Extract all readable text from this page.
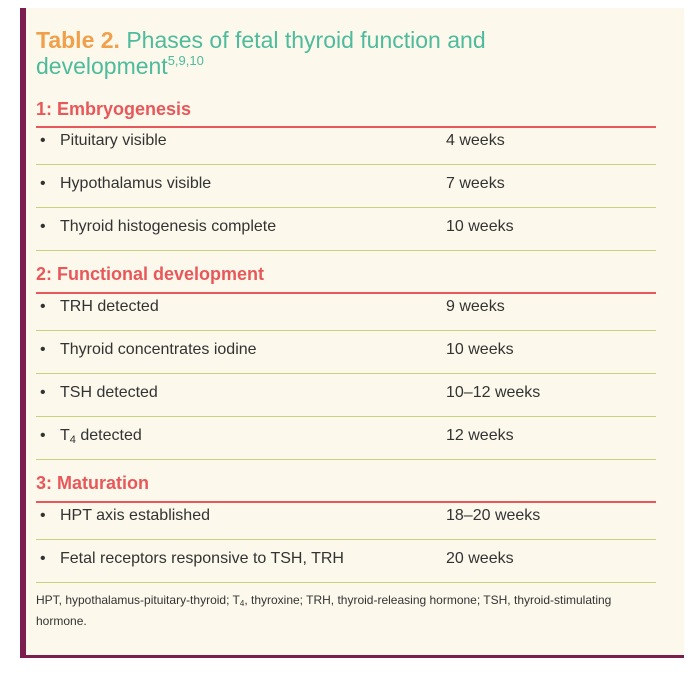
Table 2. Phases of fetal thyroid function and development$^{5,9,10}$
1: Embryogenesis
• Pituitary visible	4 weeks
• Hypothalamus visible	7 weeks
• Thyroid histogenesis complete	10 weeks
2: Functional development
• TRH detected	9 weeks
• Thyroid concentrates iodine	10 weeks
• TSH detected	10–12 weeks
• $T_4$ detected	12 weeks
3: Maturation
• HPT axis established	18–20 weeks
• Fetal receptors responsive to TSH, TRH	20 weeks
HPT, hypothalamus-pituitary-thyroid; $T_4$, thyroxine; TRH, thyroid-releasing hormone; TSH, thyroid-stimulating hormone.
